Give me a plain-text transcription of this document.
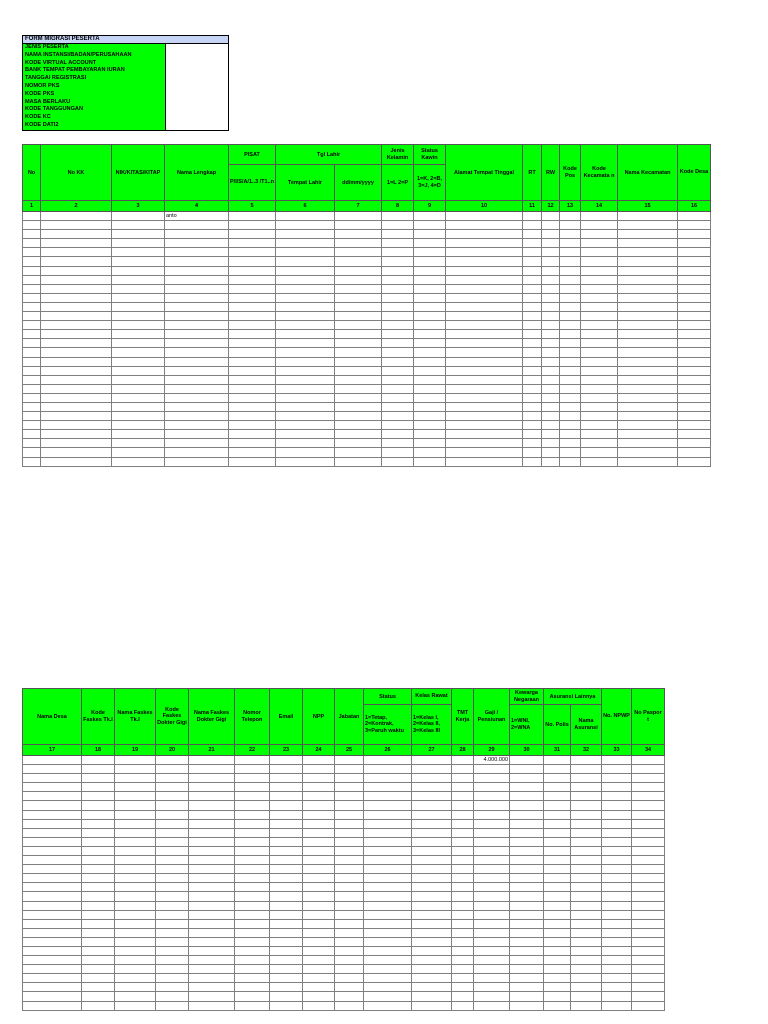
FORM MIGRASI PESERTA
JENIS PESERTA
NAMA INSTANSI/BADAN/PERUSAHAAN
KODE VIRTUAL ACCOUNT
BANK TEMPAT PEMBAYARAN IURAN
TANGGAI REGISTRASI
NOMOR PKS
KODE PKS
MASA BERLAKU
KODE TANGGUNGAN
KODE KC
KODE DATI2
No	No KK	NIK/KITAS/KITAP	Nama Lengkap	PISAT	Tgl Lahir		Jenis Kelamin	Status Kawin	Alamat Tempat Tinggal	RT	RW	Kode Pos	Kode Kecamata n	Nama Kecamatan	Kode Desa

				P/I/S/A/1..3 /T1..n	Tempat Lahir	dd/mm/yyyy	1=L 2=P	1=K, 2=B, 3=J, 4=D							

1	2	3	4	5	6	7	8	9	10	11	12	13	14	15	16
			anto												

Nama Desa	Kode Faskes Tk.I	Nama Faskes Tk.I	Kode Faskes Dokter Gigi	Nama Faskes Dokter Gigi	Nomor Telepon	Email	NPP	Jabatan	Status	Kelas Rawat	TMT Kerja	Gaji / Pensiunan	Kewarga Negaraan	Asuransi Lainnya		No. NPWP	No Paspor t

									1=Tetap, 2=Kontrak, 3=Paruh waktu	1=Kelas I, 2=Kelas II, 3=Kelas III			1=WNI, 2=WNA	No. Polis	Nama Asuransi		

17	18	19	20	21	22	23	24	25	26	27	28	29	30	31	32	33	34
												4.000.000					
